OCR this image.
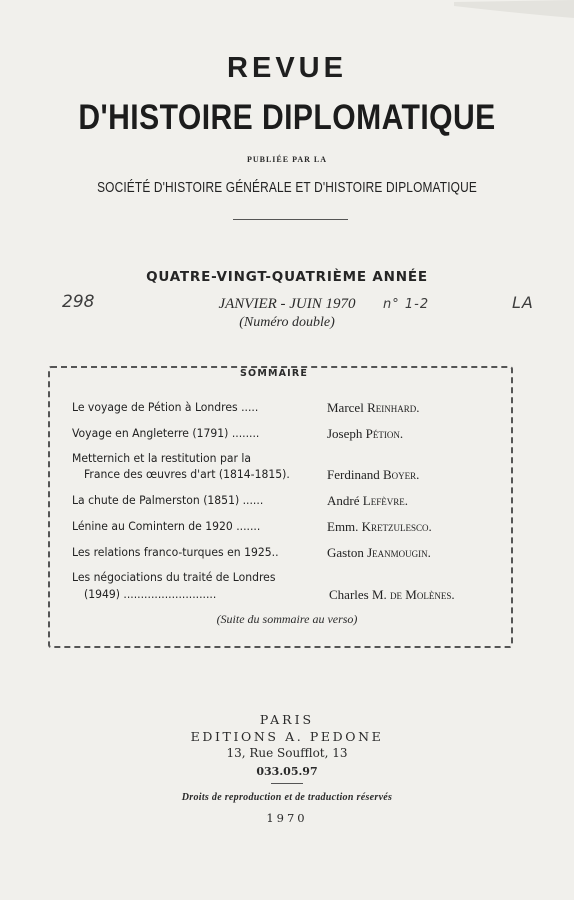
REVUE
D'HISTOIRE DIPLOMATIQUE
PUBLIÉE PAR LA
SOCIÉTÉ D'HISTOIRE GÉNÉRALE ET D'HISTOIRE DIPLOMATIQUE
QUATRE-VINGT-QUATRIÈME ANNÉE
JANVIER - JUIN 1970
(Numéro double)
298	n° 1-2	LA
SOMMAIRE
Le voyage de Pétion à Londres .....	Marcel Reinhard.
Voyage en Angleterre (1791) ........	Joseph Pétion.
Metternich et la restitution par la
France des œuvres d'art (1814-1815).	Ferdinand Boyer.
La chute de Palmerston (1851) ......	André Lefèvre.
Lénine au Comintern de 1920 .......	Emm. Kretzulesco.
Les relations franco-turques en 1925..	Gaston Jeanmougin.
Les négociations du traité de Londres
(1949) ...........................	Charles M. de Molènes.
(Suite du sommaire au verso)
PARIS
EDITIONS A. PEDONE
13, Rue Soufflot, 13
033.05.97
Droits de reproduction et de traduction réservés
1970
